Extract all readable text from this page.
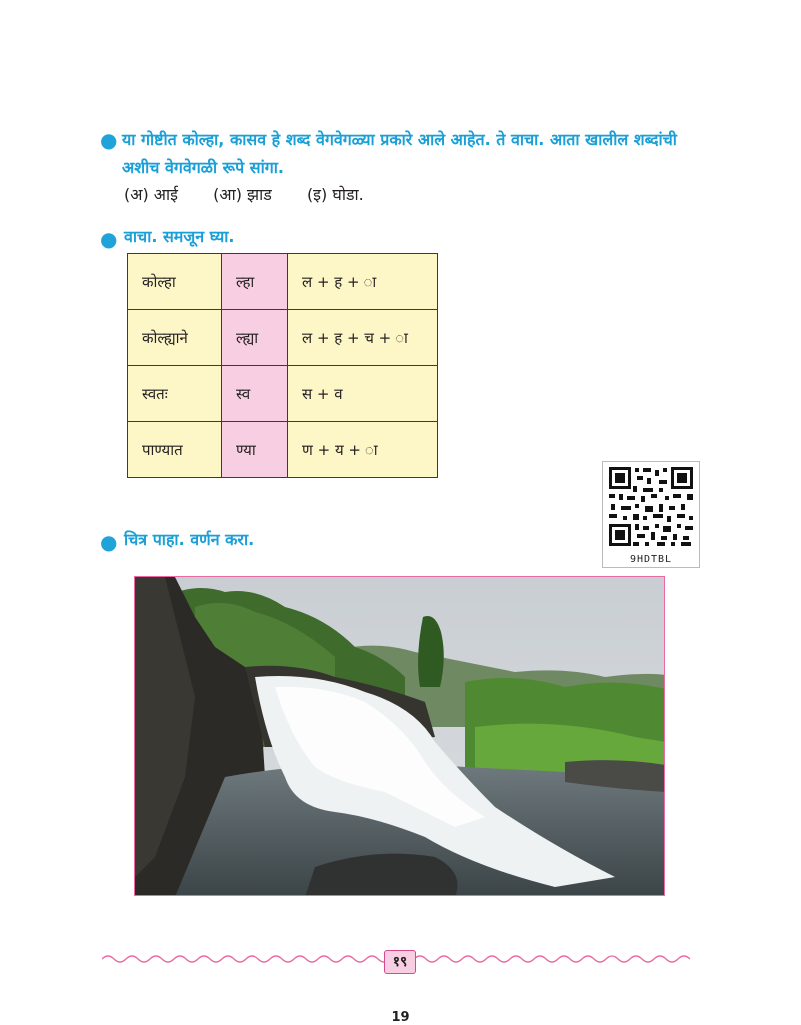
● या गोष्टीत कोल्हा, कासव हे शब्द वेगवेगळ्या प्रकारे आले आहेत. ते वाचा. आता खालील शब्दांची अशीच वेगवेगळी रूपे सांगा.
(अ) आई (आ) झाड (इ) घोडा.
● वाचा. समजून घ्या.
कोल्हा	ल्हा	ल + ह + ा
कोल्ह्याने	ल्ह्या	ल + ह + च + ा
स्वतः	स्व	स + व
पाण्यात	ण्या	ण + य + ा
9HDTBL
● चित्र पाहा. वर्णन करा.
१९
19
